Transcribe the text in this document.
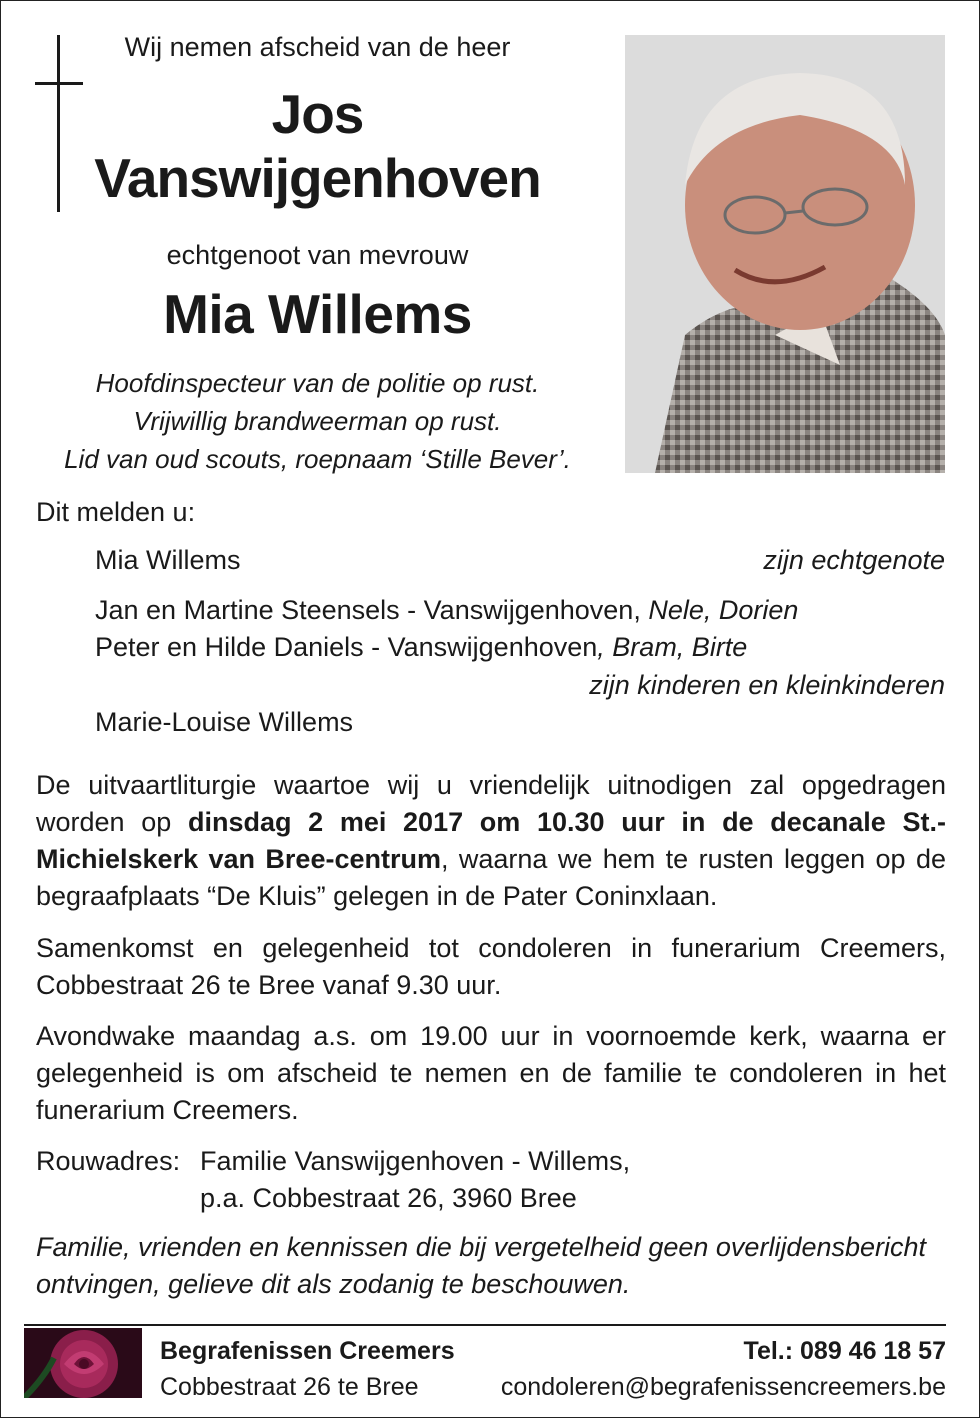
Wij nemen afscheid van de heer
Jos
Vanswijgenhoven
echtgenoot van mevrouw
Mia Willems
Hoofdinspecteur van de politie op rust.
Vrijwillig brandweerman op rust.
Lid van oud scouts, roepnaam ‘Stille Bever’.
Dit melden u:
Mia Willems	zijn echtgenote
Jan en Martine Steensels - Vanswijgenhoven, Nele, Dorien
Peter en Hilde Daniels - Vanswijgenhoven, Bram, Birte
zijn kinderen en kleinkinderen
Marie-Louise Willems
De uitvaartliturgie waartoe wij u vriendelijk uitnodigen zal opgedragen worden op dinsdag 2 mei 2017 om 10.30 uur in de decanale St.-Michielskerk van Bree-centrum, waarna we hem te rusten leggen op de begraafplaats “De Kluis” gelegen in de Pater Coninxlaan.
Samenkomst en gelegenheid tot condoleren in funerarium Creemers, Cobbestraat 26 te Bree vanaf 9.30 uur.
Avondwake maandag a.s. om 19.00 uur in voornoemde kerk, waarna er gelegenheid is om afscheid te nemen en de familie te condoleren in het funerarium Creemers.
Rouwadres: Familie Vanswijgenhoven - Willems,
p.a. Cobbestraat 26, 3960 Bree
Familie, vrienden en kennissen die bij vergetelheid geen overlijdensbericht ontvingen, gelieve dit als zodanig te beschouwen.
Begrafenissen Creemers
Cobbestraat 26 te Bree
Tel.: 089 46 18 57
condoleren@begrafenissencreemers.be
